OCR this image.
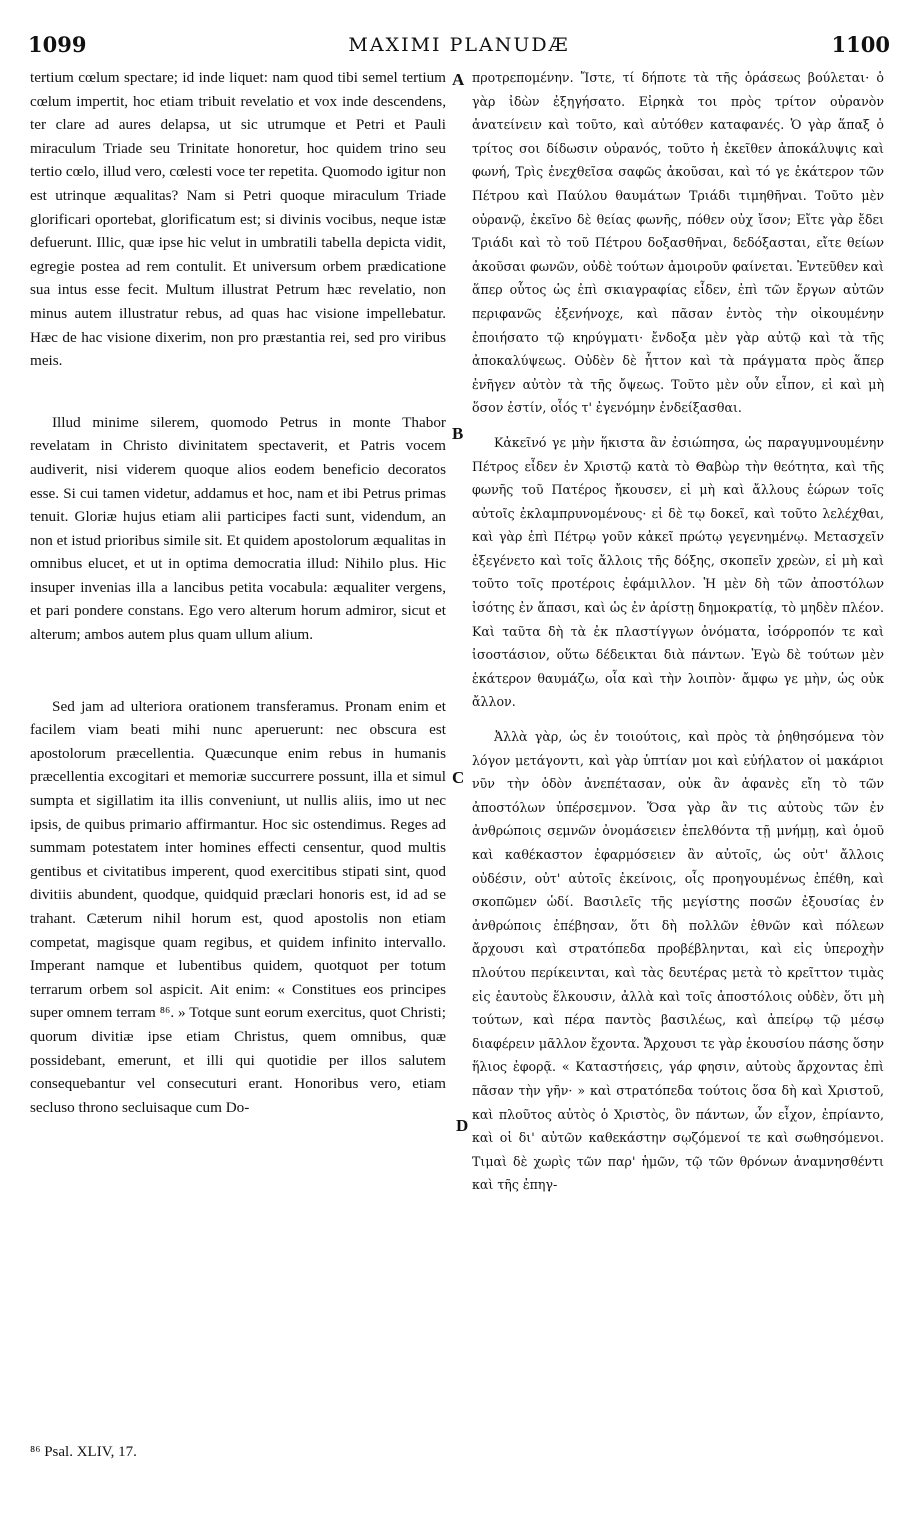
1099	MAXIMI PLANUDÆ	1100

tertium cœlum spectare; id inde liquet: nam quod tibi semel tertium cœlum impertit, hoc etiam tribuit revelatio et vox inde descendens, ter clare ad aures delapsa, ut sic utrumque et Petri et Pauli miraculum Triade seu Trinitate honoretur, hoc quidem trino seu tertio cœlo, illud vero, cœlesti voce ter repetita. Quomodo igitur non est utrinque æqualitas? Nam si Petri quoque miraculum Triade glorificari oportebat, glorificatum est; si divinis vocibus, neque istæ defuerunt. Illic, quæ ipse hic velut in umbratili tabella depicta vidit, egregie postea ad rem contulit. Et universum orbem prædicatione sua intus esse fecit. Multum illustrat Petrum hæc revelatio, non minus autem illustratur rebus, ad quas hac visione impellebatur. Hæc de hac visione dixerim, non pro præstantia rei, sed pro viribus meis.

Illud minime silerem, quomodo Petrus in monte Thabor revelatam in Christo divinitatem spectaverit, et Patris vocem audiverit, nisi viderem quoque alios eodem beneficio decoratos esse. Si cui tamen videtur, addamus et hoc, nam et ibi Petrus primas tenuit. Gloriæ hujus etiam alii participes facti sunt, videndum, an non et istud prioribus simile sit. Et quidem apostolorum æqualitas in omnibus elucet, et ut in optima democratia illud: Nihilo plus. Hic insuper invenias illa a lancibus petita vocabula: æqualiter vergens, et pari pondere constans. Ego vero alterum horum admiror, sicut et alterum; ambos autem plus quam ullum alium.

Sed jam ad ulteriora orationem transferamus. Pronam enim et facilem viam beati mihi nunc aperuerunt: nec obscura est apostolorum præcellentia. Quæcunque enim rebus in humanis præcellentia excogitari et memoriæ succurrere possunt, illa et simul sumpta et sigillatim ita illis conveniunt, ut nullis aliis, imo ut nec ipsis, de quibus primario affirmantur. Hoc sic ostendimus. Reges ad summam potestatem inter homines effecti censentur, quod multis gentibus et civitatibus imperent, quod exercitibus stipati sint, quod divitiis abundent, quodque, quidquid præclari honoris est, id ad se trahant. Cæterum nihil horum est, quod apostolis non etiam competat, magisque quam regibus, et quidem infinito intervallo. Imperant namque et lubentibus quidem, quotquot per totum terrarum orbem sol aspicit. Ait enim: « Constitues eos principes super omnem terram ⁸⁶. » Totque sunt eorum exercitus, quot Christi; quorum divitiæ ipse etiam Christus, quem omnibus, quæ possidebant, emerunt, et illi qui quotidie per illos salutem consequebantur vel consecuturi erant. Honoribus vero, etiam secluso throno secluisaque cum Do-

A
B
C
D

προτρεπομένην. Ἴστε, τί δήποτε τὰ τῆς ὁράσεως βούλεται· ὁ γὰρ ἰδὼν ἐξηγήσατο. Εἰρηκὰ τοι πρὸς τρίτον οὐρανὸν ἀνατείνειν καὶ τοῦτο, καὶ αὐτόθεν καταφανές. Ὁ γὰρ ἅπαξ ὁ τρίτος σοι δίδωσιν οὐρανός, τοῦτο ἡ ἐκεῖθεν ἀποκάλυψις καὶ φωνή, Τρὶς ἐνεχθεῖσα σαφῶς ἀκοῦσαι, καὶ τό γε ἑκάτερον τῶν Πέτρου καὶ Παύλου θαυμάτων Τριάδι τιμηθῆναι. Τοῦτο μὲν οὐρανῷ, ἐκεῖνο δὲ θείας φωνῆς, πόθεν οὐχ ἴσον; Εἴτε γὰρ ἔδει Τριάδι καὶ τὸ τοῦ Πέτρου δοξασθῆναι, δεδόξασται, εἴτε θείων ἀκοῦσαι φωνῶν, οὐδὲ τούτων ἀμοιροῦν φαίνεται. Ἐντεῦθεν καὶ ἅπερ οὗτος ὡς ἐπὶ σκιαγραφίας εἶδεν, ἐπὶ τῶν ἔργων αὐτῶν περιφανῶς ἐξενήνοχε, καὶ πᾶσαν ἐντὸς τὴν οἰκουμένην ἐποιήσατο τῷ κηρύγματι· ἔνδοξα μὲν γὰρ αὐτῷ καὶ τὰ τῆς ἀποκαλύψεως. Οὐδὲν δὲ ἧττον καὶ τὰ πράγματα πρὸς ἅπερ ἐνῆγεν αὐτὸν τὰ τῆς ὄψεως. Τοῦτο μὲν οὖν εἶπον, εἰ καὶ μὴ ὅσον ἐστίν, οἷός τ' ἐγενόμην ἐνδείξασθαι.

Κἀκεῖνό γε μὴν ἥκιστα ἂν ἐσιώπησα, ὡς παραγυμνουμένην Πέτρος εἶδεν ἐν Χριστῷ κατὰ τὸ Θαβὼρ τὴν θεότητα, καὶ τῆς φωνῆς τοῦ Πατέρος ἤκουσεν, εἰ μὴ καὶ ἄλλους ἑώρων τοῖς αὐτοῖς ἐκλαμπρυνομένους· εἰ δὲ τῳ δοκεῖ, καὶ τοῦτο λελέχθαι, καὶ γὰρ ἐπὶ Πέτρῳ γοῦν κἀκεῖ πρώτῳ γεγενημένῳ. Μετασχεῖν ἐξεγένετο καὶ τοῖς ἄλλοις τῆς δόξης, σκοπεῖν χρεὼν, εἰ μὴ καὶ τοῦτο τοῖς προτέροις ἐφάμιλλον. Ἡ μὲν δὴ τῶν ἀποστόλων ἰσότης ἐν ἅπασι, καὶ ὡς ἐν ἀρίστῃ δημοκρατίᾳ, τὸ μηδὲν πλέον. Καὶ ταῦτα δὴ τὰ ἐκ πλαστίγγων ὀνόματα, ἰσόρροπόν τε καὶ ἰσοστάσιον, οὕτω δέδεικται διὰ πάντων. Ἐγὼ δὲ τούτων μὲν ἑκάτερον θαυμάζω, οἷα καὶ τὴν λοιπὸν· ἄμφω γε μὴν, ὡς οὐκ ἄλλον.

Ἀλλὰ γὰρ, ὡς ἐν τοιούτοις, καὶ πρὸς τὰ ῥηθησόμενα τὸν λόγον μετάγοντι, καὶ γὰρ ὑπτίαν μοι καὶ εὐήλατον οἱ μακάριοι νῦν τὴν ὁδὸν ἀνεπέτασαν, οὐκ ἂν ἀφανὲς εἴη τὸ τῶν ἀποστόλων ὑπέρσεμνον. Ὅσα γὰρ ἂν τις αὐτοὺς τῶν ἐν ἀνθρώποις σεμνῶν ὀνομάσειεν ἐπελθόντα τῇ μνήμῃ, καὶ ὁμοῦ καὶ καθέκαστον ἐφαρμόσειεν ἂν αὐτοῖς, ὡς οὐτ' ἄλλοις οὐδέσιν, οὐτ' αὐτοῖς ἐκείνοις, οἷς προηγουμένως ἐπέθη, καὶ σκοπῶμεν ὡδί. Βασιλεῖς τῆς μεγίστης ποσῶν ἐξουσίας ἐν ἀνθρώποις ἐπέβησαν, ὅτι δὴ πολλῶν ἐθνῶν καὶ πόλεων ἄρχουσι καὶ στρατόπεδα προβέβληνται, καὶ εἰς ὑπεροχὴν πλούτου περίκεινται, καὶ τὰς δευτέρας μετὰ τὸ κρεῖττον τιμὰς εἰς ἑαυτοὺς ἕλκουσιν, ἀλλὰ καὶ τοῖς ἀποστόλοις οὐδὲν, ὅτι μὴ τούτων, καὶ πέρα παντὸς βασιλέως, καὶ ἀπείρῳ τῷ μέσῳ διαφέρειν μᾶλλον ἔχοντα. Ἄρχουσι τε γὰρ ἑκουσίου πάσης ὅσην ἥλιος ἐφορᾷ. « Καταστήσεις, γάρ φησιν, αὐτοὺς ἄρχοντας ἐπὶ πᾶσαν τὴν γῆν· » καὶ στρατόπεδα τούτοις ὅσα δὴ καὶ Χριστοῦ, καὶ πλοῦτος αὐτὸς ὁ Χριστὸς, ὃν πάντων, ὧν εἶχον, ἐπρίαντο, καὶ οἱ δι' αὐτῶν καθεκάστην σῳζόμενοί τε καὶ σωθησόμενοι. Τιμαὶ δὲ χωρὶς τῶν παρ' ἡμῶν, τῷ τῶν θρόνων ἀναμνησθέντι καὶ τῆς ἐπηγ-

⁸⁶ Psal. XLIV, 17.
